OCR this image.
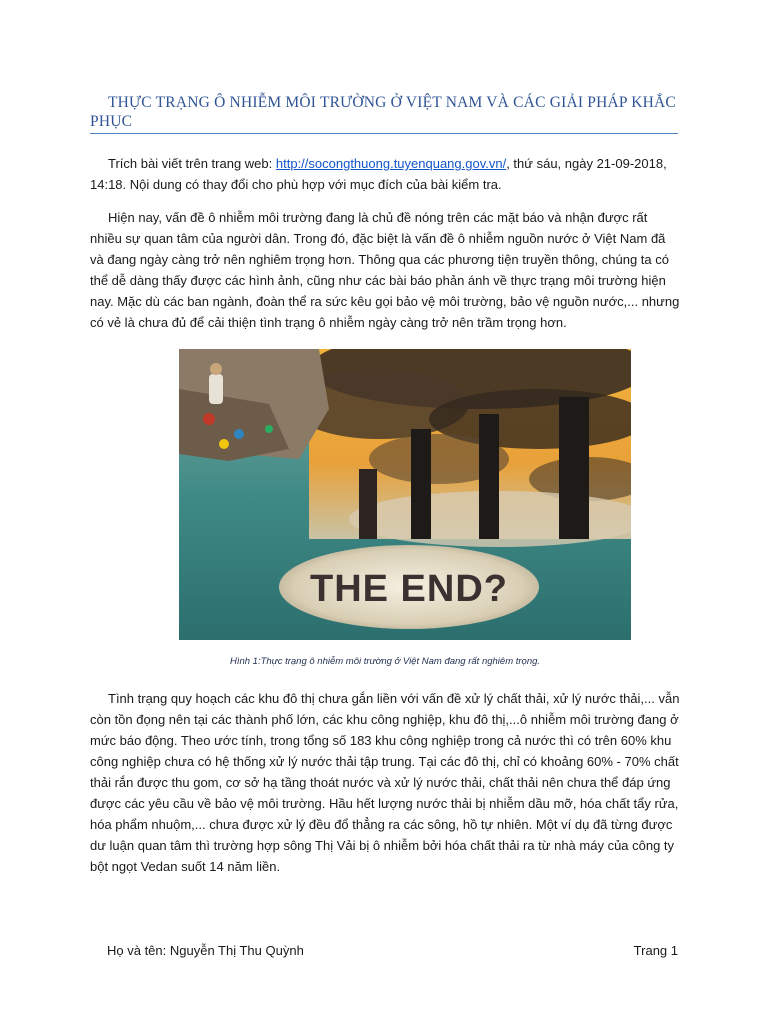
THỰC TRẠNG Ô NHIỄM MÔI TRƯỜNG Ở VIỆT NAM VÀ CÁC GIẢI PHÁP KHẮC PHỤC

Trích bài viết trên trang web: http://socongthuong.tuyenquang.gov.vn/, thứ sáu, ngày 21-09-2018, 14:18. Nội dung có thay đổi cho phù hợp với mục đích của bài kiểm tra.

Hiện nay, vấn đề ô nhiễm môi trường đang là chủ đề nóng trên các mặt báo và nhận được rất nhiều sự quan tâm của người dân. Trong đó, đặc biệt là vấn đề ô nhiễm nguồn nước ở Việt Nam đã và đang ngày càng trở nên nghiêm trọng hơn. Thông qua các phương tiện truyền thông, chúng ta có thể dễ dàng thấy được các hình ảnh, cũng như các bài báo phản ánh về thực trạng môi trường hiện nay. Mặc dù các ban ngành, đoàn thể ra sức kêu gọi bảo vệ môi trường, bảo vệ nguồn nước,... nhưng có vẻ là chưa đủ để cải thiện tình trạng ô nhiễm ngày càng trở nên trầm trọng hơn.

THE END?
Hình 1:Thực trạng ô nhiễm môi trường ở Việt Nam đang rất nghiêm trọng.

Tình trạng quy hoạch các khu đô thị chưa gắn liền với vấn đề xử lý chất thải, xử lý nước thải,... vẫn còn tồn đọng nên tại các thành phố lớn, các khu công nghiệp, khu đô thị,...ô nhiễm môi trường đang ở mức báo động. Theo ước tính, trong tổng số 183 khu công nghiệp trong cả nước thì có trên 60% khu công nghiệp chưa có hệ thống xử lý nước thải tập trung. Tại các đô thị, chỉ có khoảng 60% - 70% chất thải rắn được thu gom, cơ sở hạ tầng thoát nước và xử lý nước thải, chất thải nên chưa thể đáp ứng được các yêu cầu về bảo vệ môi trường. Hầu hết lượng nước thải bị nhiễm dầu mỡ, hóa chất tẩy rửa, hóa phẩm nhuộm,... chưa được xử lý đều đổ thẳng ra các sông, hồ tự nhiên. Một ví dụ đã từng được dư luận quan tâm thì trường hợp sông Thị Vải bị ô nhiễm bởi hóa chất thải ra từ nhà máy của công ty bột ngọt Vedan suốt 14 năm liền.

Họ và tên: Nguyễn Thị Thu Quỳnh	Trang 1
